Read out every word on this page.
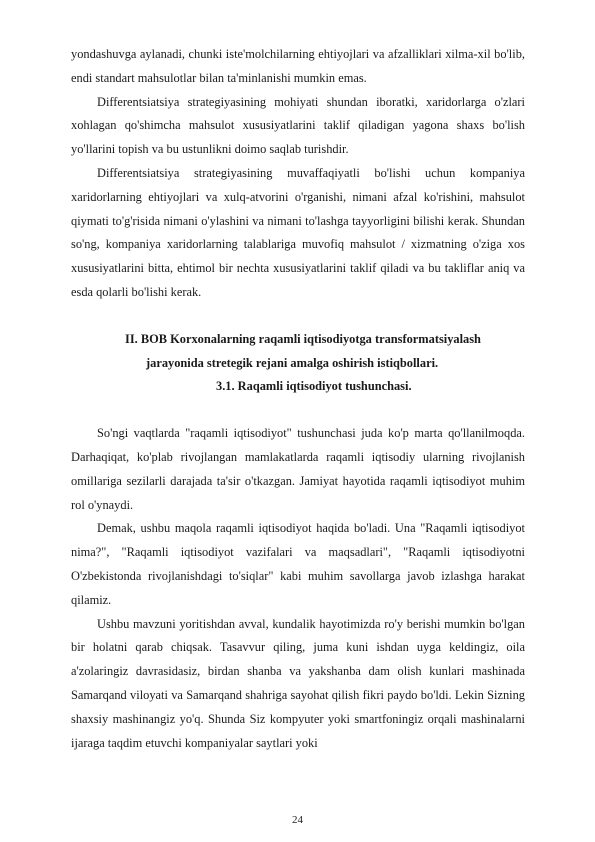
yondashuvga aylanadi, chunki iste'molchilarning ehtiyojlari va afzalliklari xilma-xil bo'lib, endi standart mahsulotlar bilan ta'minlanishi mumkin emas.

Differentsiatsiya strategiyasining mohiyati shundan iboratki, xaridorlarga o'zlari xohlagan qo'shimcha mahsulot xususiyatlarini taklif qiladigan yagona shaxs bo'lish yo'llarini topish va bu ustunlikni doimo saqlab turishdir.

Differentsiatsiya strategiyasining muvaffaqiyatli bo'lishi uchun kompaniya xaridorlarning ehtiyojlari va xulq-atvorini o'rganishi, nimani afzal ko'rishini, mahsulot qiymati to'g'risida nimani o'ylashini va nimani to'lashga tayyorligini bilishi kerak. Shundan so'ng, kompaniya xaridorlarning talablariga muvofiq mahsulot / xizmatning o'ziga xos xususiyatlarini bitta, ehtimol bir nechta xususiyatlarini taklif qiladi va bu takliflar aniq va esda qolarli bo'lishi kerak.

II. BOB Korxonalarning raqamli iqtisodiyotga transformatsiyalash
jarayonida stretegik rejani amalga oshirish istiqbollari.
3.1. Raqamli iqtisodiyot tushunchasi.

So'ngi vaqtlarda "raqamli iqtisodiyot" tushunchasi juda ko'p marta qo'llanilmoqda. Darhaqiqat, ko'plab rivojlangan mamlakatlarda raqamli iqtisodiy ularning rivojlanish omillariga sezilarli darajada ta'sir o'tkazgan. Jamiyat hayotida raqamli iqtisodiyot muhim rol o'ynaydi.

Demak, ushbu maqola raqamli iqtisodiyot haqida bo'ladi. Una "Raqamli iqtisodiyot nima?", "Raqamli iqtisodiyot vazifalari va maqsadlari", "Raqamli iqtisodiyotni O'zbekistonda rivojlanishdagi to'siqlar" kabi muhim savollarga javob izlashga harakat qilamiz.

Ushbu mavzuni yoritishdan avval, kundalik hayotimizda ro'y berishi mumkin bo'lgan bir holatni qarab chiqsak. Tasavvur qiling, juma kuni ishdan uyga keldingiz, oila a'zolaringiz davrasidasiz, birdan shanba va yakshanba dam olish kunlari mashinada Samarqand viloyati va Samarqand shahriga sayohat qilish fikri paydo bo'ldi. Lekin Sizning shaxsiy mashinangiz yo'q. Shunda Siz kompyuter yoki smartfoningiz orqali mashinalarni ijaraga taqdim etuvchi kompaniyalar saytlari yoki

24
